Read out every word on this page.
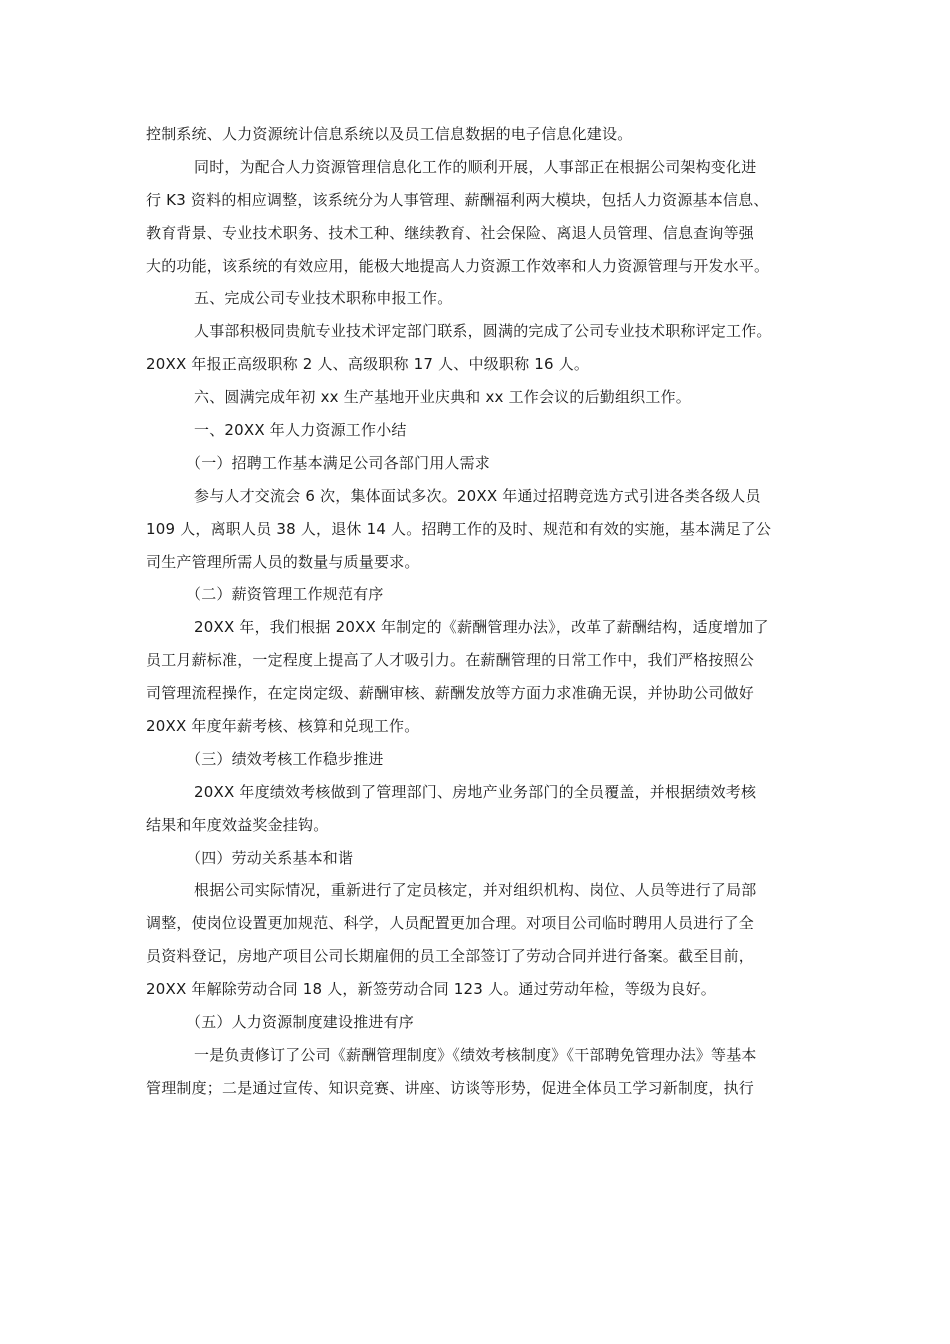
控制系统、人力资源统计信息系统以及员工信息数据的电子信息化建设。
同时，为配合人力资源管理信息化工作的顺利开展，人事部正在根据公司架构变化进
行 K3 资料的相应调整，该系统分为人事管理、薪酬福利两大模块，包括人力资源基本信息、
教育背景、专业技术职务、技术工种、继续教育、社会保险、离退人员管理、信息查询等强
大的功能，该系统的有效应用，能极大地提高人力资源工作效率和人力资源管理与开发水平。
五、完成公司专业技术职称申报工作。
人事部积极同贵航专业技术评定部门联系，圆满的完成了公司专业技术职称评定工作。
20XX 年报正高级职称 2 人、高级职称 17 人、中级职称 16 人。
六、圆满完成年初 xx 生产基地开业庆典和 xx 工作会议的后勤组织工作。
一、20XX 年人力资源工作小结
（一）招聘工作基本满足公司各部门用人需求
参与人才交流会 6 次，集体面试多次。20XX 年通过招聘竞选方式引进各类各级人员
109 人，离职人员 38 人，退休 14 人。招聘工作的及时、规范和有效的实施，基本满足了公
司生产管理所需人员的数量与质量要求。
（二）薪资管理工作规范有序
20XX 年，我们根据 20XX 年制定的《薪酬管理办法》，改革了薪酬结构，适度增加了
员工月薪标准，一定程度上提高了人才吸引力。在薪酬管理的日常工作中，我们严格按照公
司管理流程操作，在定岗定级、薪酬审核、薪酬发放等方面力求准确无误，并协助公司做好
20XX 年度年薪考核、核算和兑现工作。
（三）绩效考核工作稳步推进
20XX 年度绩效考核做到了管理部门、房地产业务部门的全员覆盖，并根据绩效考核
结果和年度效益奖金挂钩。
（四）劳动关系基本和谐
根据公司实际情况，重新进行了定员核定，并对组织机构、岗位、人员等进行了局部
调整，使岗位设置更加规范、科学，人员配置更加合理。对项目公司临时聘用人员进行了全
员资料登记，房地产项目公司长期雇佣的员工全部签订了劳动合同并进行备案。截至目前，
20XX 年解除劳动合同 18 人，新签劳动合同 123 人。通过劳动年检，等级为良好。
（五）人力资源制度建设推进有序
一是负责修订了公司《薪酬管理制度》《绩效考核制度》《干部聘免管理办法》等基本
管理制度；二是通过宣传、知识竞赛、讲座、访谈等形势，促进全体员工学习新制度，执行
